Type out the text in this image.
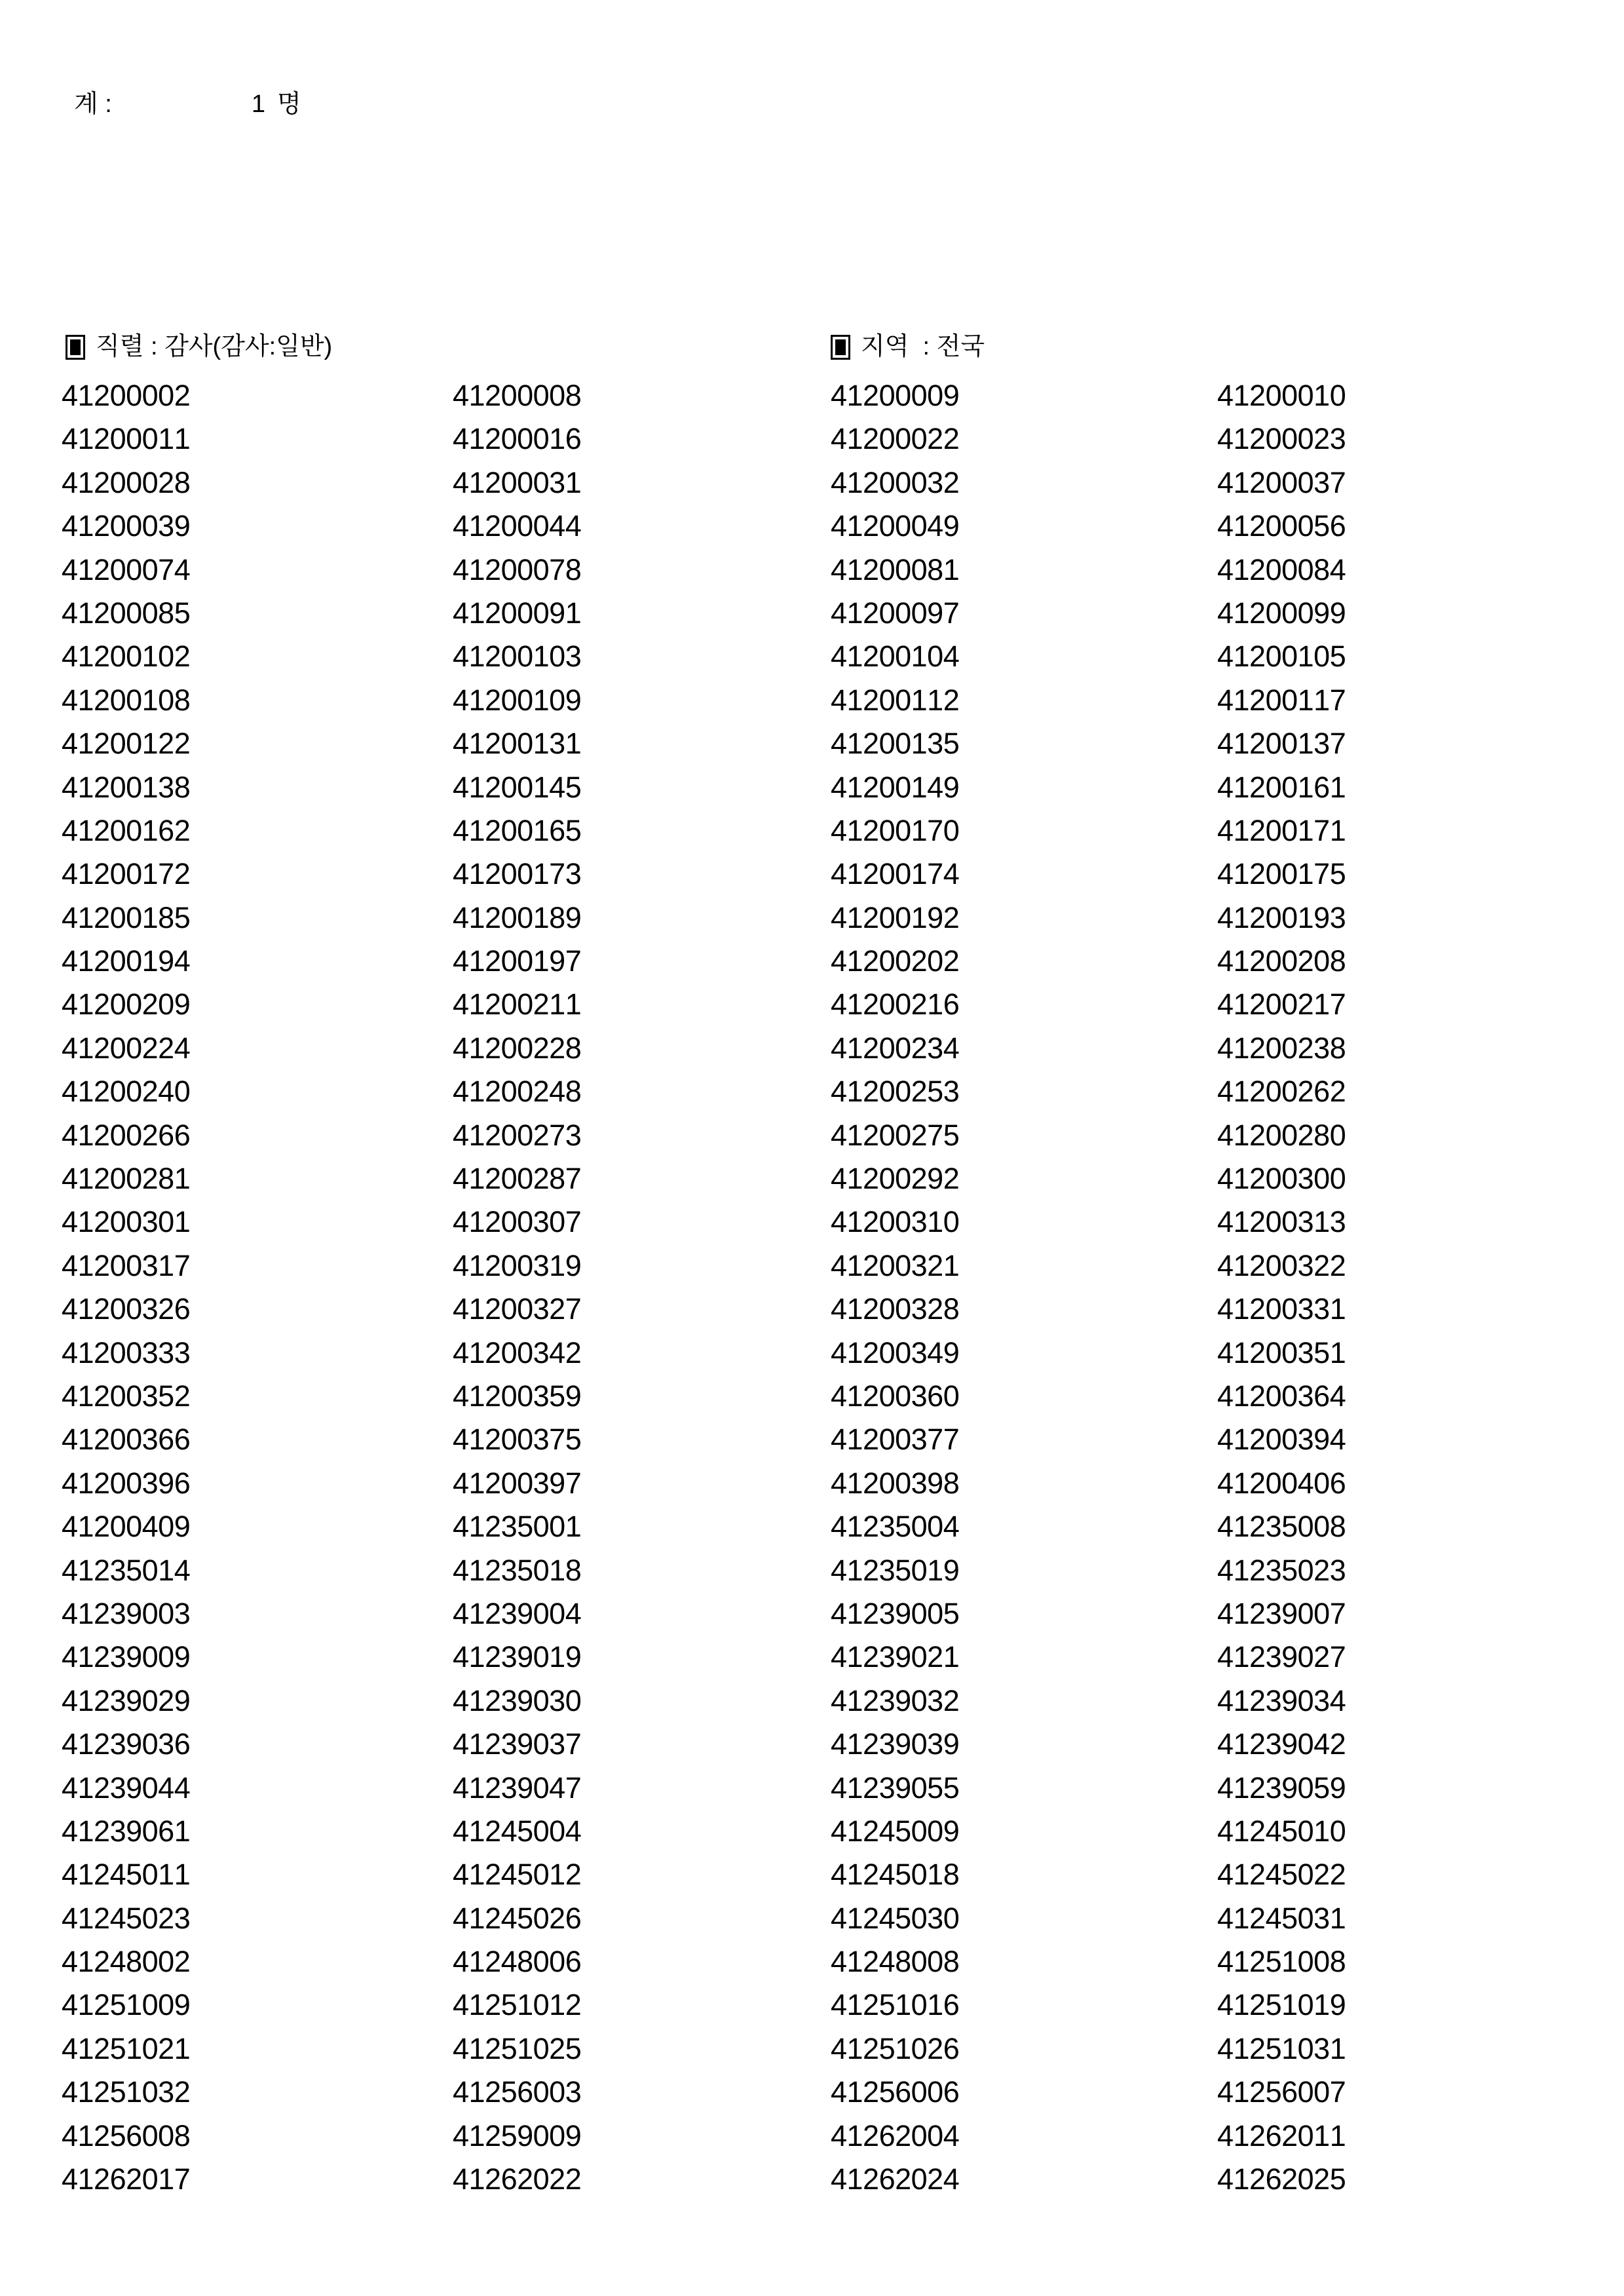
계 :	1 명
직렬 : 감사(감사:일반)	지역  : 전국
41200002	41200008	41200009	41200010
41200011	41200016	41200022	41200023
41200028	41200031	41200032	41200037
41200039	41200044	41200049	41200056
41200074	41200078	41200081	41200084
41200085	41200091	41200097	41200099
41200102	41200103	41200104	41200105
41200108	41200109	41200112	41200117
41200122	41200131	41200135	41200137
41200138	41200145	41200149	41200161
41200162	41200165	41200170	41200171
41200172	41200173	41200174	41200175
41200185	41200189	41200192	41200193
41200194	41200197	41200202	41200208
41200209	41200211	41200216	41200217
41200224	41200228	41200234	41200238
41200240	41200248	41200253	41200262
41200266	41200273	41200275	41200280
41200281	41200287	41200292	41200300
41200301	41200307	41200310	41200313
41200317	41200319	41200321	41200322
41200326	41200327	41200328	41200331
41200333	41200342	41200349	41200351
41200352	41200359	41200360	41200364
41200366	41200375	41200377	41200394
41200396	41200397	41200398	41200406
41200409	41235001	41235004	41235008
41235014	41235018	41235019	41235023
41239003	41239004	41239005	41239007
41239009	41239019	41239021	41239027
41239029	41239030	41239032	41239034
41239036	41239037	41239039	41239042
41239044	41239047	41239055	41239059
41239061	41245004	41245009	41245010
41245011	41245012	41245018	41245022
41245023	41245026	41245030	41245031
41248002	41248006	41248008	41251008
41251009	41251012	41251016	41251019
41251021	41251025	41251026	41251031
41251032	41256003	41256006	41256007
41256008	41259009	41262004	41262011
41262017	41262022	41262024	41262025
